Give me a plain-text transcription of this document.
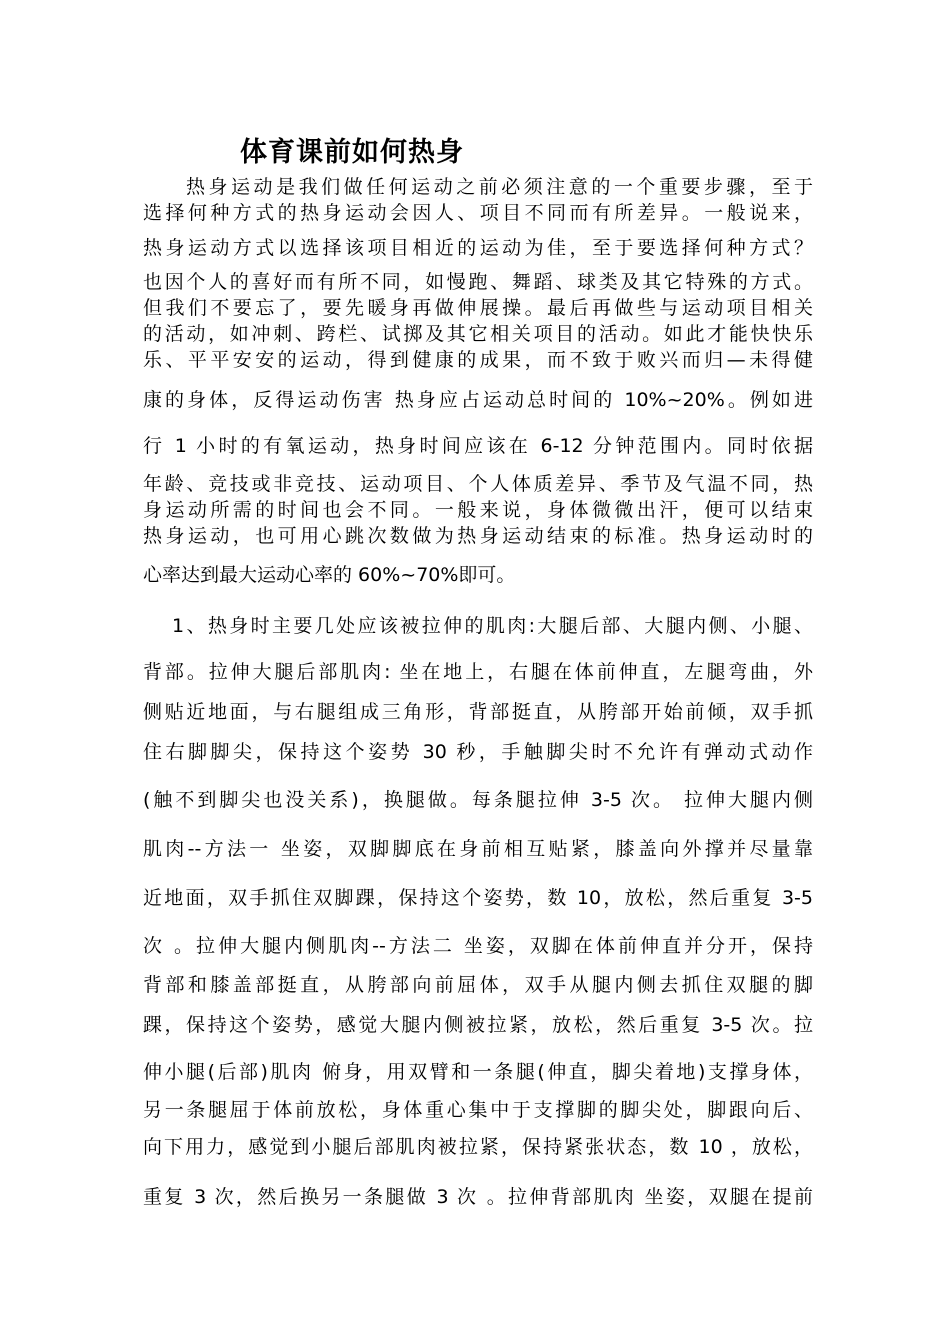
体育课前如何热身
热身运动是我们做任何运动之前必须注意的一个重要步骤，至于
选择何种方式的热身运动会因人、项目不同而有所差异。一般说来，
热身运动方式以选择该项目相近的运动为佳，至于要选择何种方式？
也因个人的喜好而有所不同，如慢跑、舞蹈、球类及其它特殊的方式。
但我们不要忘了，要先暖身再做伸展操。最后再做些与运动项目相关
的活动，如冲刺、跨栏、试掷及其它相关项目的活动。如此才能快快乐
乐、平平安安的运动，得到健康的成果，而不致于败兴而归—未得健
康的身体，反得运动伤害 热身应占运动总时间的 10%~20%。例如进
行 1 小时的有氧运动，热身时间应该在 6-12 分钟范围内。同时依据
年龄、竞技或非竞技、运动项目、个人体质差异、季节及气温不同，热
身运动所需的时间也会不同。一般来说，身体微微出汗，便可以结束
热身运动，也可用心跳次数做为热身运动结束的标准。热身运动时的
心率达到最大运动心率的 60%~70%即可。
1、热身时主要几处应该被拉伸的肌肉:大腿后部、大腿内侧、小腿、
背部。拉伸大腿后部肌肉: 坐在地上，右腿在体前伸直，左腿弯曲，外
侧贴近地面，与右腿组成三角形，背部挺直，从胯部开始前倾，双手抓
住右脚脚尖，保持这个姿势 30 秒，手触脚尖时不允许有弹动式动作
(触不到脚尖也没关系)，换腿做。每条腿拉伸 3-5 次。 拉伸大腿内侧
肌肉--方法一 坐姿，双脚脚底在身前相互贴紧，膝盖向外撑并尽量靠
近地面，双手抓住双脚踝，保持这个姿势，数 10，放松，然后重复 3-5
次 。拉伸大腿内侧肌肉--方法二 坐姿，双脚在体前伸直并分开，保持
背部和膝盖部挺直，从胯部向前屈体，双手从腿内侧去抓住双腿的脚
踝，保持这个姿势，感觉大腿内侧被拉紧，放松，然后重复 3-5 次。拉
伸小腿(后部)肌肉 俯身，用双臂和一条腿(伸直，脚尖着地)支撑身体，
另一条腿屈于体前放松，身体重心集中于支撑脚的脚尖处，脚跟向后、
向下用力，感觉到小腿后部肌肉被拉紧，保持紧张状态，数 10 ，放松，
重复 3 次，然后换另一条腿做 3 次 。拉伸背部肌肉 坐姿，双腿在提前
